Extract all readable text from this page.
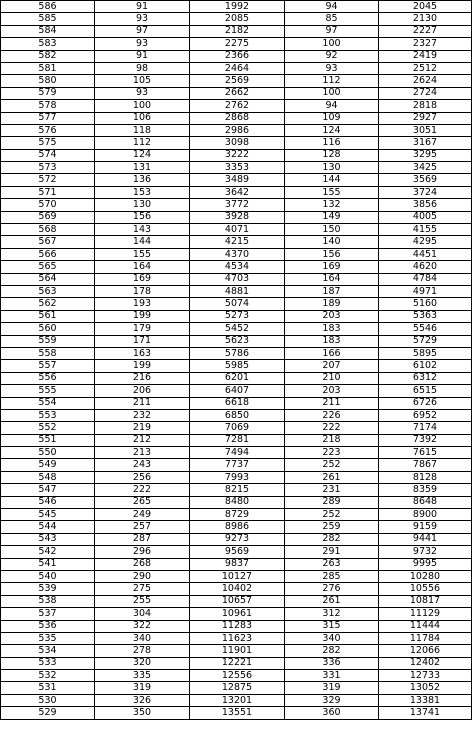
586	91	1992	94	2045
585	93	2085	85	2130
584	97	2182	97	2227
583	93	2275	100	2327
582	91	2366	92	2419
581	98	2464	93	2512
580	105	2569	112	2624
579	93	2662	100	2724
578	100	2762	94	2818
577	106	2868	109	2927
576	118	2986	124	3051
575	112	3098	116	3167
574	124	3222	128	3295
573	131	3353	130	3425
572	136	3489	144	3569
571	153	3642	155	3724
570	130	3772	132	3856
569	156	3928	149	4005
568	143	4071	150	4155
567	144	4215	140	4295
566	155	4370	156	4451
565	164	4534	169	4620
564	169	4703	164	4784
563	178	4881	187	4971
562	193	5074	189	5160
561	199	5273	203	5363
560	179	5452	183	5546
559	171	5623	183	5729
558	163	5786	166	5895
557	199	5985	207	6102
556	216	6201	210	6312
555	206	6407	203	6515
554	211	6618	211	6726
553	232	6850	226	6952
552	219	7069	222	7174
551	212	7281	218	7392
550	213	7494	223	7615
549	243	7737	252	7867
548	256	7993	261	8128
547	222	8215	231	8359
546	265	8480	289	8648
545	249	8729	252	8900
544	257	8986	259	9159
543	287	9273	282	9441
542	296	9569	291	9732
541	268	9837	263	9995
540	290	10127	285	10280
539	275	10402	276	10556
538	255	10657	261	10817
537	304	10961	312	11129
536	322	11283	315	11444
535	340	11623	340	11784
534	278	11901	282	12066
533	320	12221	336	12402
532	335	12556	331	12733
531	319	12875	319	13052
530	326	13201	329	13381
529	350	13551	360	13741
